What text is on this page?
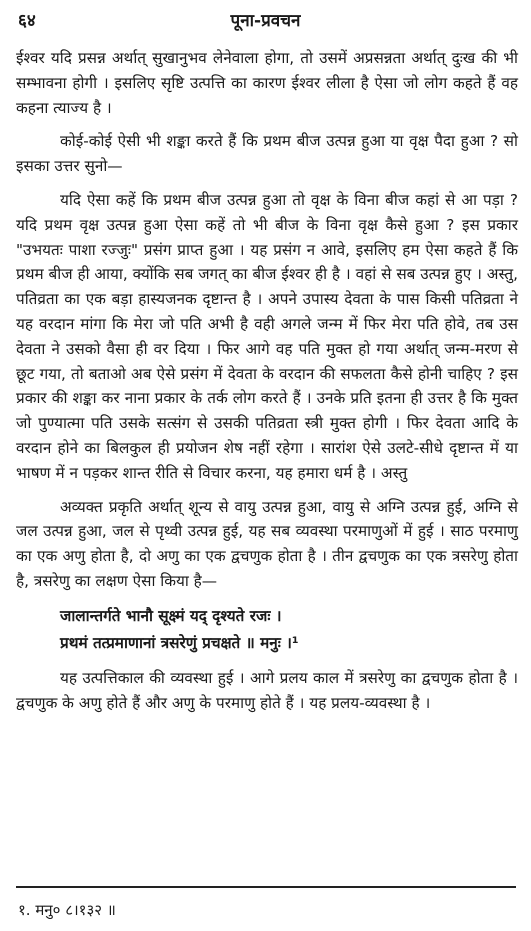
६४	पूना-प्रवचन

ईश्वर यदि प्रसन्न अर्थात् सुखानुभव लेनेवाला होगा, तो उसमें अप्रसन्नता अर्थात् दुःख की भी सम्भावना होगी । इसलिए सृष्टि उत्पत्ति का कारण ईश्वर लीला है ऐसा जो लोग कहते हैं वह कहना त्याज्य है ।

कोई-कोई ऐसी भी शङ्का करते हैं कि प्रथम बीज उत्पन्न हुआ या वृक्ष पैदा हुआ ? सो इसका उत्तर सुनो—

यदि ऐसा कहें कि प्रथम बीज उत्पन्न हुआ तो वृक्ष के विना बीज कहां से आ पड़ा ? यदि प्रथम वृक्ष उत्पन्न हुआ ऐसा कहें तो भी बीज के विना वृक्ष कैसे हुआ ? इस प्रकार "उभयतः पाशा रज्जुः" प्रसंग प्राप्त हुआ । यह प्रसंग न आवे, इसलिए हम ऐसा कहते हैं कि प्रथम बीज ही आया, क्योंकि सब जगत् का बीज ईश्वर ही है । वहां से सब उत्पन्न हुए । अस्तु, पतिव्रता का एक बड़ा हास्यजनक दृष्टान्त है । अपने उपास्य देवता के पास किसी पतिव्रता ने यह वरदान मांगा कि मेरा जो पति अभी है वही अगले जन्म में फिर मेरा पति होवे, तब उस देवता ने उसको वैसा ही वर दिया । फिर आगे वह पति मुक्त हो गया अर्थात् जन्म-मरण से छूट गया, तो बताओ अब ऐसे प्रसंग में देवता के वरदान की सफलता कैसे होनी चाहिए ? इस प्रकार की शङ्का कर नाना प्रकार के तर्क लोग करते हैं । उनके प्रति इतना ही उत्तर है कि मुक्त जो पुण्यात्मा पति उसके सत्संग से उसकी पतिव्रता स्त्री मुक्त होगी । फिर देवता आदि के वरदान होने का बिलकुल ही प्रयोजन शेष नहीं रहेगा । सारांश ऐसे उलटे-सीधे दृष्टान्त में या भाषण में न पड़कर शान्त रीति से विचार करना, यह हमारा धर्म है । अस्तु

अव्यक्त प्रकृति अर्थात् शून्य से वायु उत्पन्न हुआ, वायु से अग्नि उत्पन्न हुई, अग्नि से जल उत्पन्न हुआ, जल से पृथ्वी उत्पन्न हुई, यह सब व्यवस्था परमाणुओं में हुई । साठ परमाणु का एक अणु होता है, दो अणु का एक द्वचणुक होता है । तीन द्वचणुक का एक त्रसरेणु होता है, त्रसरेणु का लक्षण ऐसा किया है—

जालान्तर्गते भानौ सूक्ष्मं यद् दृश्यते रजः ।

प्रथमं तत्प्रमाणानां त्रसरेणुं प्रचक्षते ॥ मनुः ।¹

यह उत्पत्तिकाल की व्यवस्था हुई । आगे प्रलय काल में त्रसरेणु का द्वचणुक होता है । द्वचणुक के अणु होते हैं और अणु के परमाणु होते हैं । यह प्रलय-व्यवस्था है ।

१. मनु० ८।१३२ ॥
